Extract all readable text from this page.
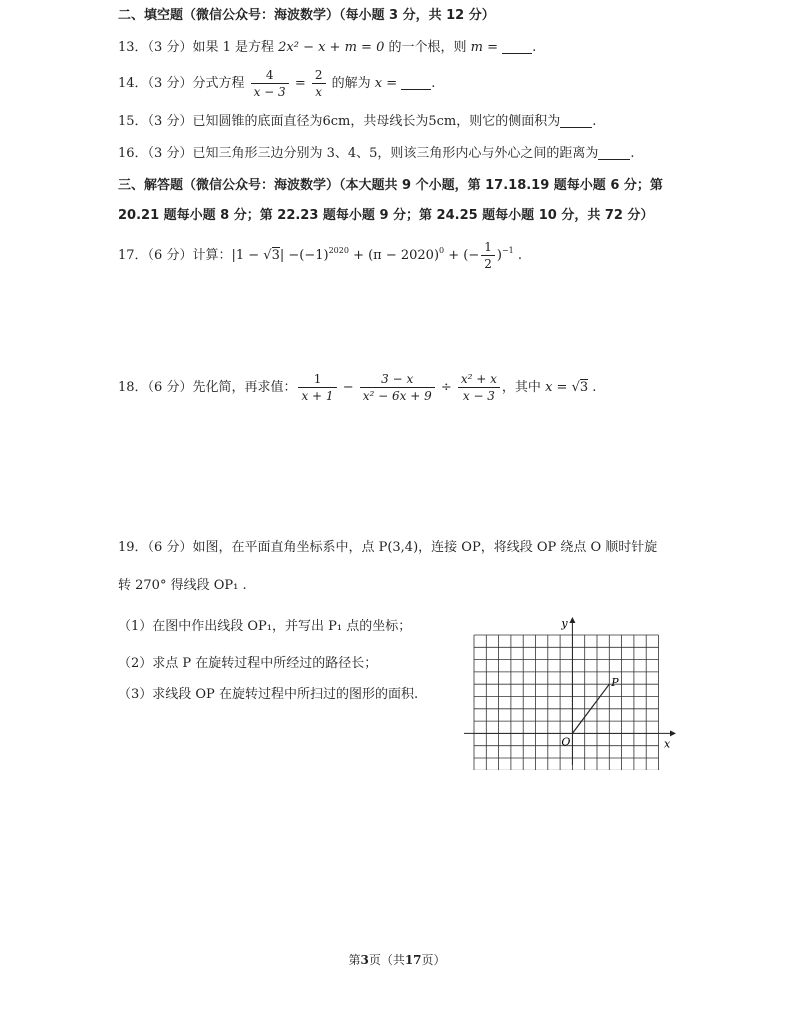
二、填空题（微信公众号：海波数学）（每小题 3 分，共 12 分）
13．（3 分）如果 1 是方程 2x² − x + m = 0 的一个根，则 m = .
14．（3 分）分式方程 $\frac{4}{x - 3} = \frac{2}{x}$ 的解为 x = .
15．（3 分）已知圆锥的底面直径为6cm，共母线长为5cm，则它的侧面积为 .
16．（3 分）已知三角形三边分别为 3、4、5，则该三角形内心与外心之间的距离为 .
三、解答题（微信公众号：海波数学）（本大题共 9 个小题，第 17.18.19 题每小题 6 分；第
20.21 题每小题 8 分；第 22.23 题每小题 9 分；第 24.25 题每小题 10 分，共 72 分）
17．（6 分）计算：$|1 - √3| -(-1)^{2020} + (\pi - 2020)^0$ + (− $\frac{1}{2} )^{-1}$ .
18．（6 分）先化简，再求值： $\frac{1}{x + 1} - \frac{3 - x}{\text{x² − 6x + 9}} \div \frac{\text{x² + x}}{x - 3}$ ，其中 x = √3 .
19．（6 分）如图，在平面直角坐标系中，点 P(3,4)，连接 OP，将线段 OP 绕点 O 顺时针旋
转 270° 得线段 OP₁ .
（1）在图中作出线段 OP₁，并写出 P₁ 点的坐标；
（2）求点 P 在旋转过程中所经过的路径长；
（3）求线段 OP 在旋转过程中所扫过的图形的面积.
y
x
O
P
第3页（共17页）
